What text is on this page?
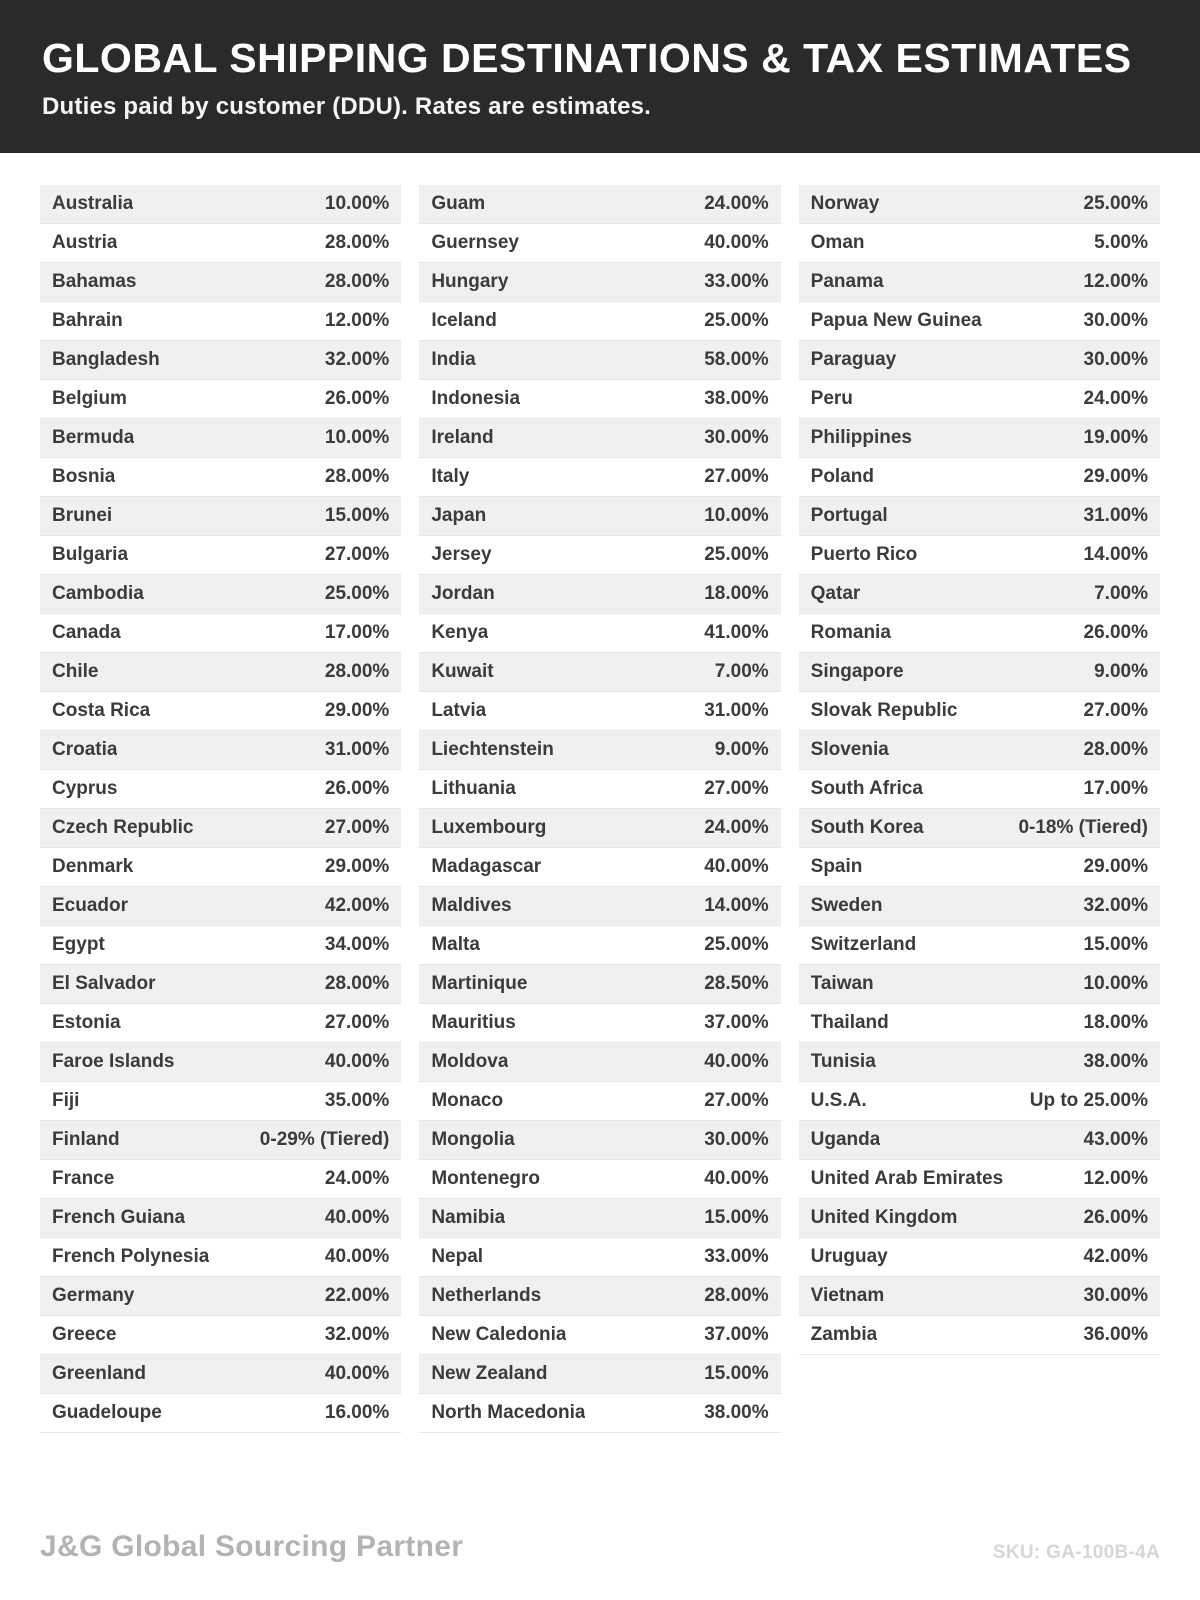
GLOBAL SHIPPING DESTINATIONS & TAX ESTIMATES

Duties paid by customer (DDU). Rates are estimates.

Australia	10.00%
Austria	28.00%
Bahamas	28.00%
Bahrain	12.00%
Bangladesh	32.00%
Belgium	26.00%
Bermuda	10.00%
Bosnia	28.00%
Brunei	15.00%
Bulgaria	27.00%
Cambodia	25.00%
Canada	17.00%
Chile	28.00%
Costa Rica	29.00%
Croatia	31.00%
Cyprus	26.00%
Czech Republic	27.00%
Denmark	29.00%
Ecuador	42.00%
Egypt	34.00%
El Salvador	28.00%
Estonia	27.00%
Faroe Islands	40.00%
Fiji	35.00%
Finland	0-29% (Tiered)
France	24.00%
French Guiana	40.00%
French Polynesia	40.00%
Germany	22.00%
Greece	32.00%
Greenland	40.00%
Guadeloupe	16.00%
Guam	24.00%
Guernsey	40.00%
Hungary	33.00%
Iceland	25.00%
India	58.00%
Indonesia	38.00%
Ireland	30.00%
Italy	27.00%
Japan	10.00%
Jersey	25.00%
Jordan	18.00%
Kenya	41.00%
Kuwait	7.00%
Latvia	31.00%
Liechtenstein	9.00%
Lithuania	27.00%
Luxembourg	24.00%
Madagascar	40.00%
Maldives	14.00%
Malta	25.00%
Martinique	28.50%
Mauritius	37.00%
Moldova	40.00%
Monaco	27.00%
Mongolia	30.00%
Montenegro	40.00%
Namibia	15.00%
Nepal	33.00%
Netherlands	28.00%
New Caledonia	37.00%
New Zealand	15.00%
North Macedonia	38.00%
Norway	25.00%
Oman	5.00%
Panama	12.00%
Papua New Guinea	30.00%
Paraguay	30.00%
Peru	24.00%
Philippines	19.00%
Poland	29.00%
Portugal	31.00%
Puerto Rico	14.00%
Qatar	7.00%
Romania	26.00%
Singapore	9.00%
Slovak Republic	27.00%
Slovenia	28.00%
South Africa	17.00%
South Korea	0-18% (Tiered)
Spain	29.00%
Sweden	32.00%
Switzerland	15.00%
Taiwan	10.00%
Thailand	18.00%
Tunisia	38.00%
U.S.A.	Up to 25.00%
Uganda	43.00%
United Arab Emirates	12.00%
United Kingdom	26.00%
Uruguay	42.00%
Vietnam	30.00%
Zambia	36.00%
J&G Global Sourcing Partner	SKU: GA-100B-4A
